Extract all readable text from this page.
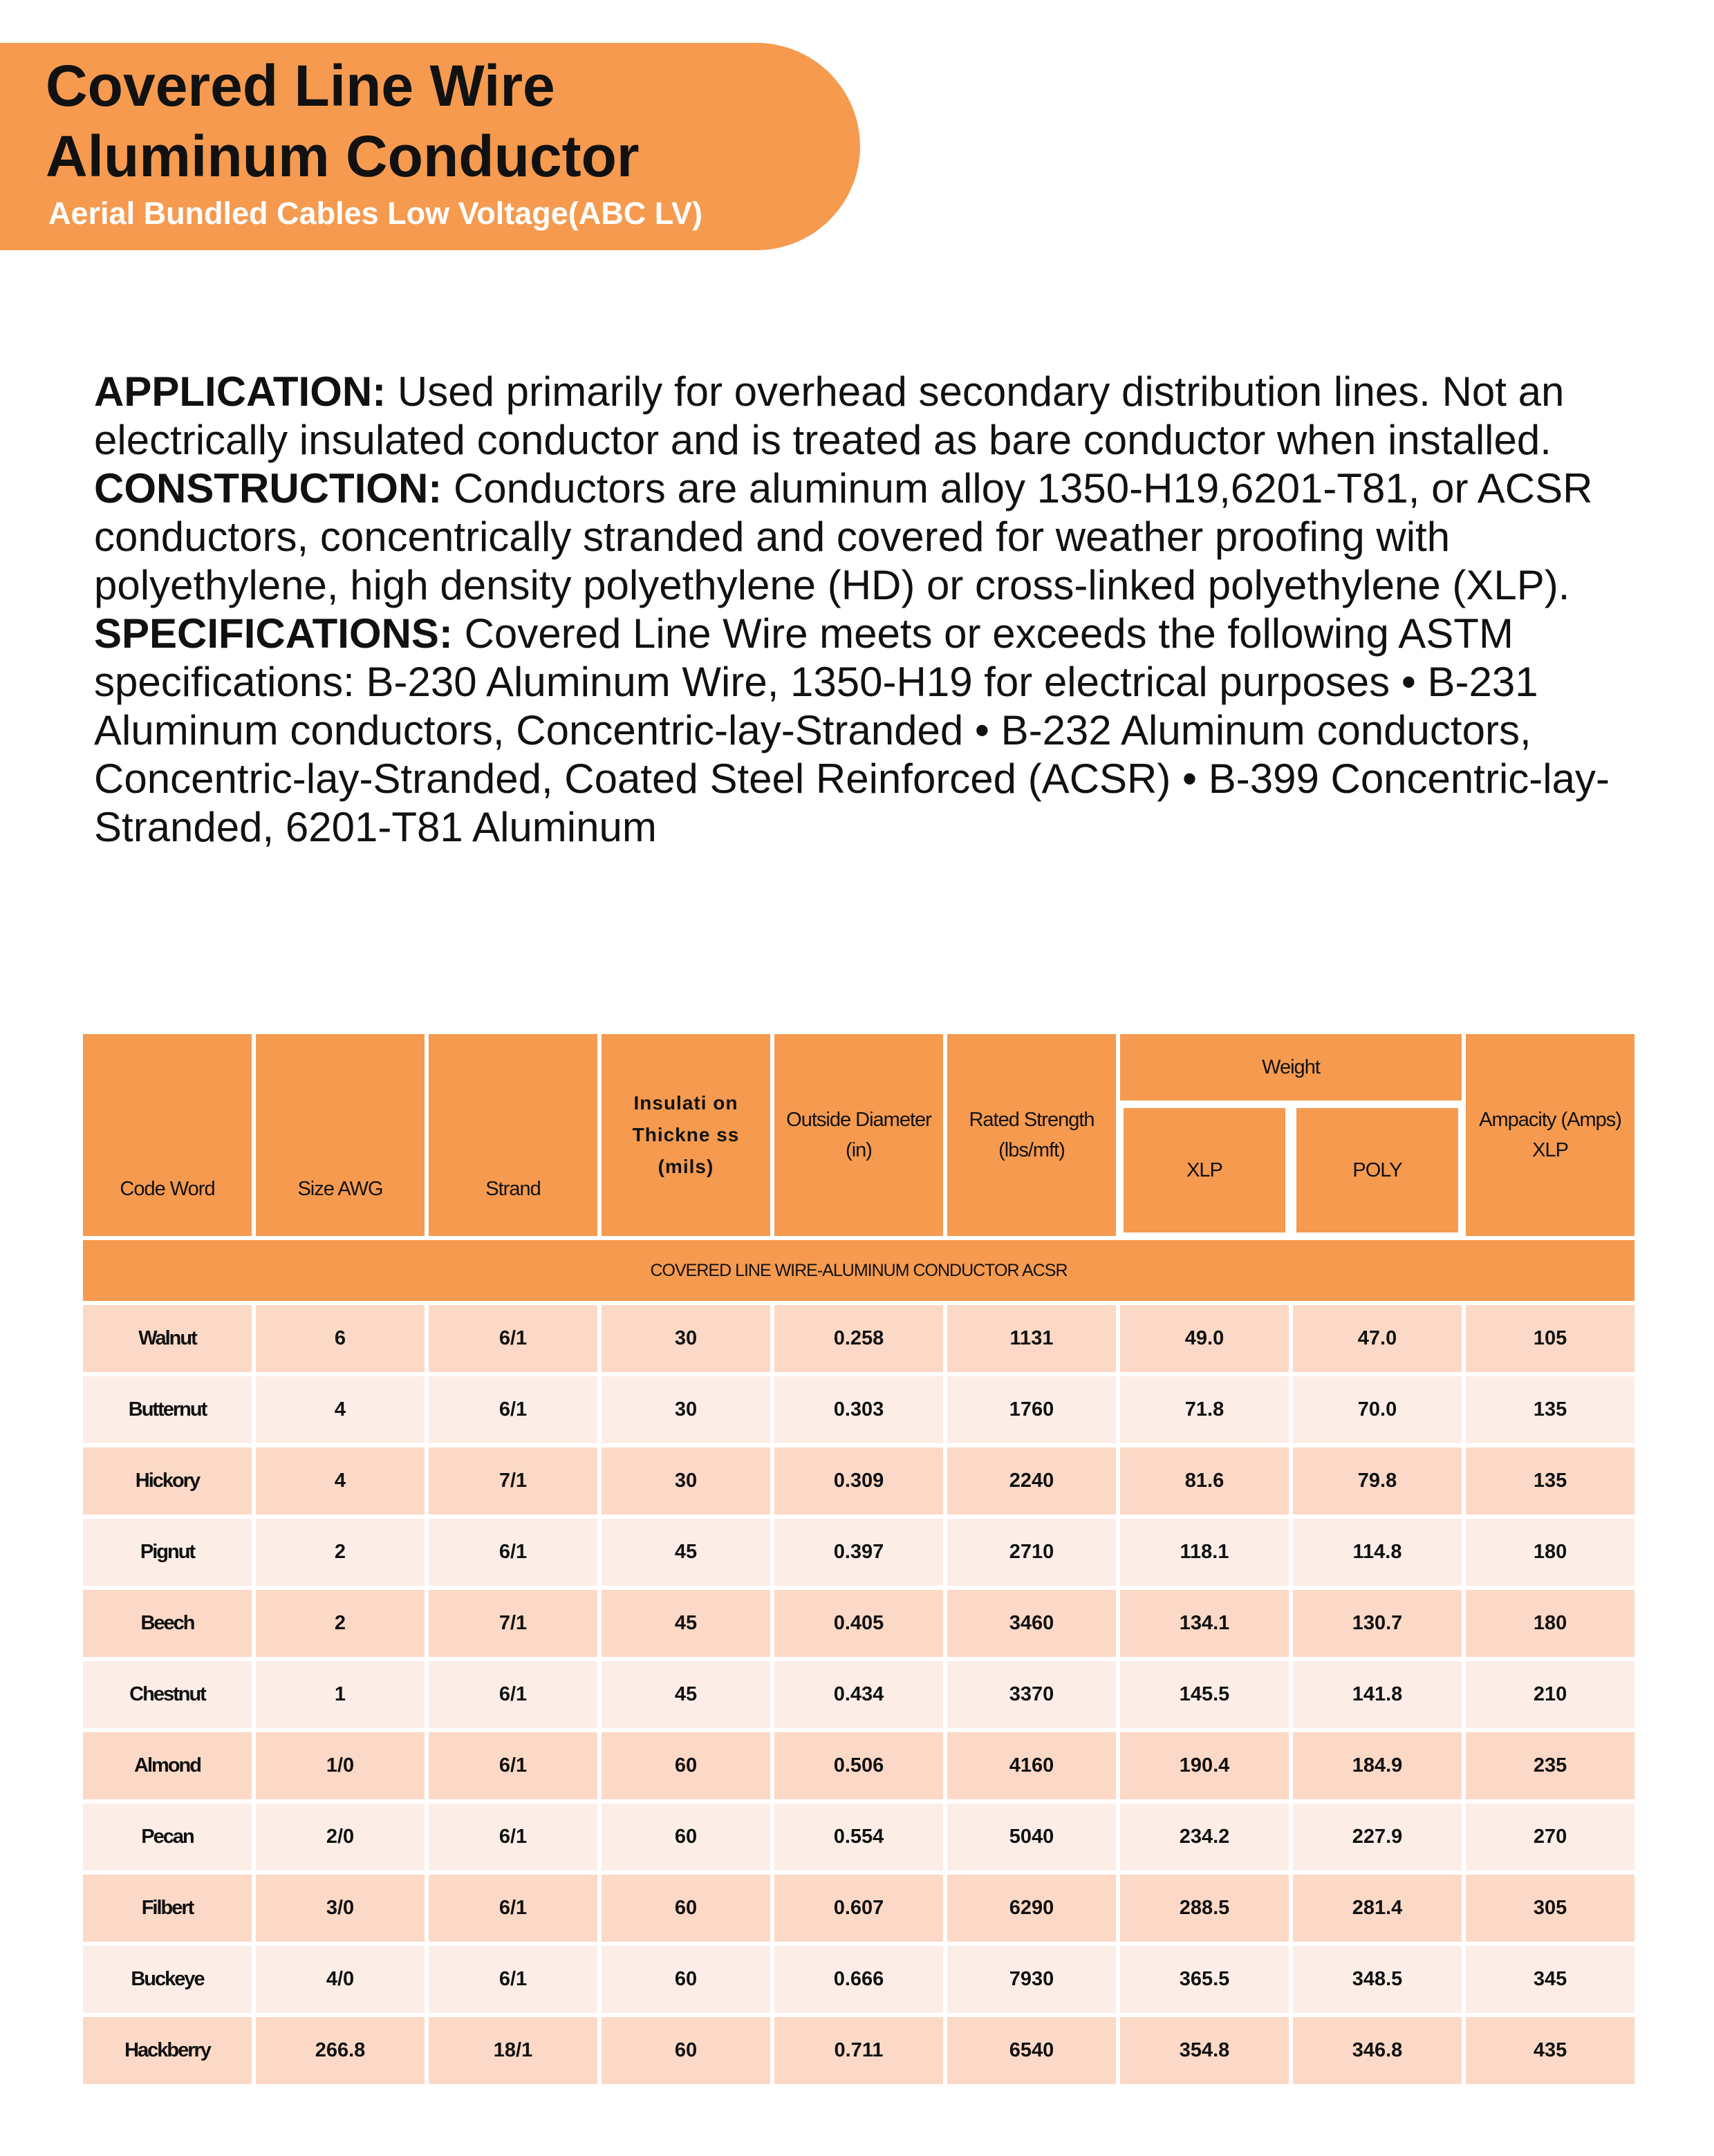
Covered Line Wire
Aluminum Conductor
Aerial Bundled Cables Low Voltage(ABC LV)

APPLICATION: Used primarily for overhead secondary distribution lines. Not an electrically insulated conductor and is treated as bare conductor when installed.

CONSTRUCTION: Conductors are aluminum alloy 1350-H19,6201-T81, or ACSR conductors, concentrically stranded and covered for weather proofing with polyethylene, high density polyethylene (HD) or cross-linked polyethylene (XLP).

SPECIFICATIONS: Covered Line Wire meets or exceeds the following ASTM specifications: B-230 Aluminum Wire, 1350-H19 for electrical purposes • B-231 Aluminum conductors, Concentric-lay-Stranded • B-232 Aluminum conductors, Concentric-lay-Stranded, Coated Steel Reinforced (ACSR) • B-399 Concentric-lay-Stranded, 6201-T81 Aluminum

Code Word	Size AWG	Strand	Insulati on Thickne ss (mils)	Outside Diameter (in)	Rated Strength (lbs/mft)	Weight		Ampacity (Amps) XLP
						XLP	POLY	
COVERED LINE WIRE-ALUMINUM CONDUCTOR ACSR								
Walnut	6	6/1	30	0.258	1131	49.0	47.0	105
Butternut	4	6/1	30	0.303	1760	71.8	70.0	135
Hickory	4	7/1	30	0.309	2240	81.6	79.8	135
Pignut	2	6/1	45	0.397	2710	118.1	114.8	180
Beech	2	7/1	45	0.405	3460	134.1	130.7	180
Chestnut	1	6/1	45	0.434	3370	145.5	141.8	210
Almond	1/0	6/1	60	0.506	4160	190.4	184.9	235
Pecan	2/0	6/1	60	0.554	5040	234.2	227.9	270
Filbert	3/0	6/1	60	0.607	6290	288.5	281.4	305
Buckeye	4/0	6/1	60	0.666	7930	365.5	348.5	345
Hackberry	266.8	18/1	60	0.711	6540	354.8	346.8	435
